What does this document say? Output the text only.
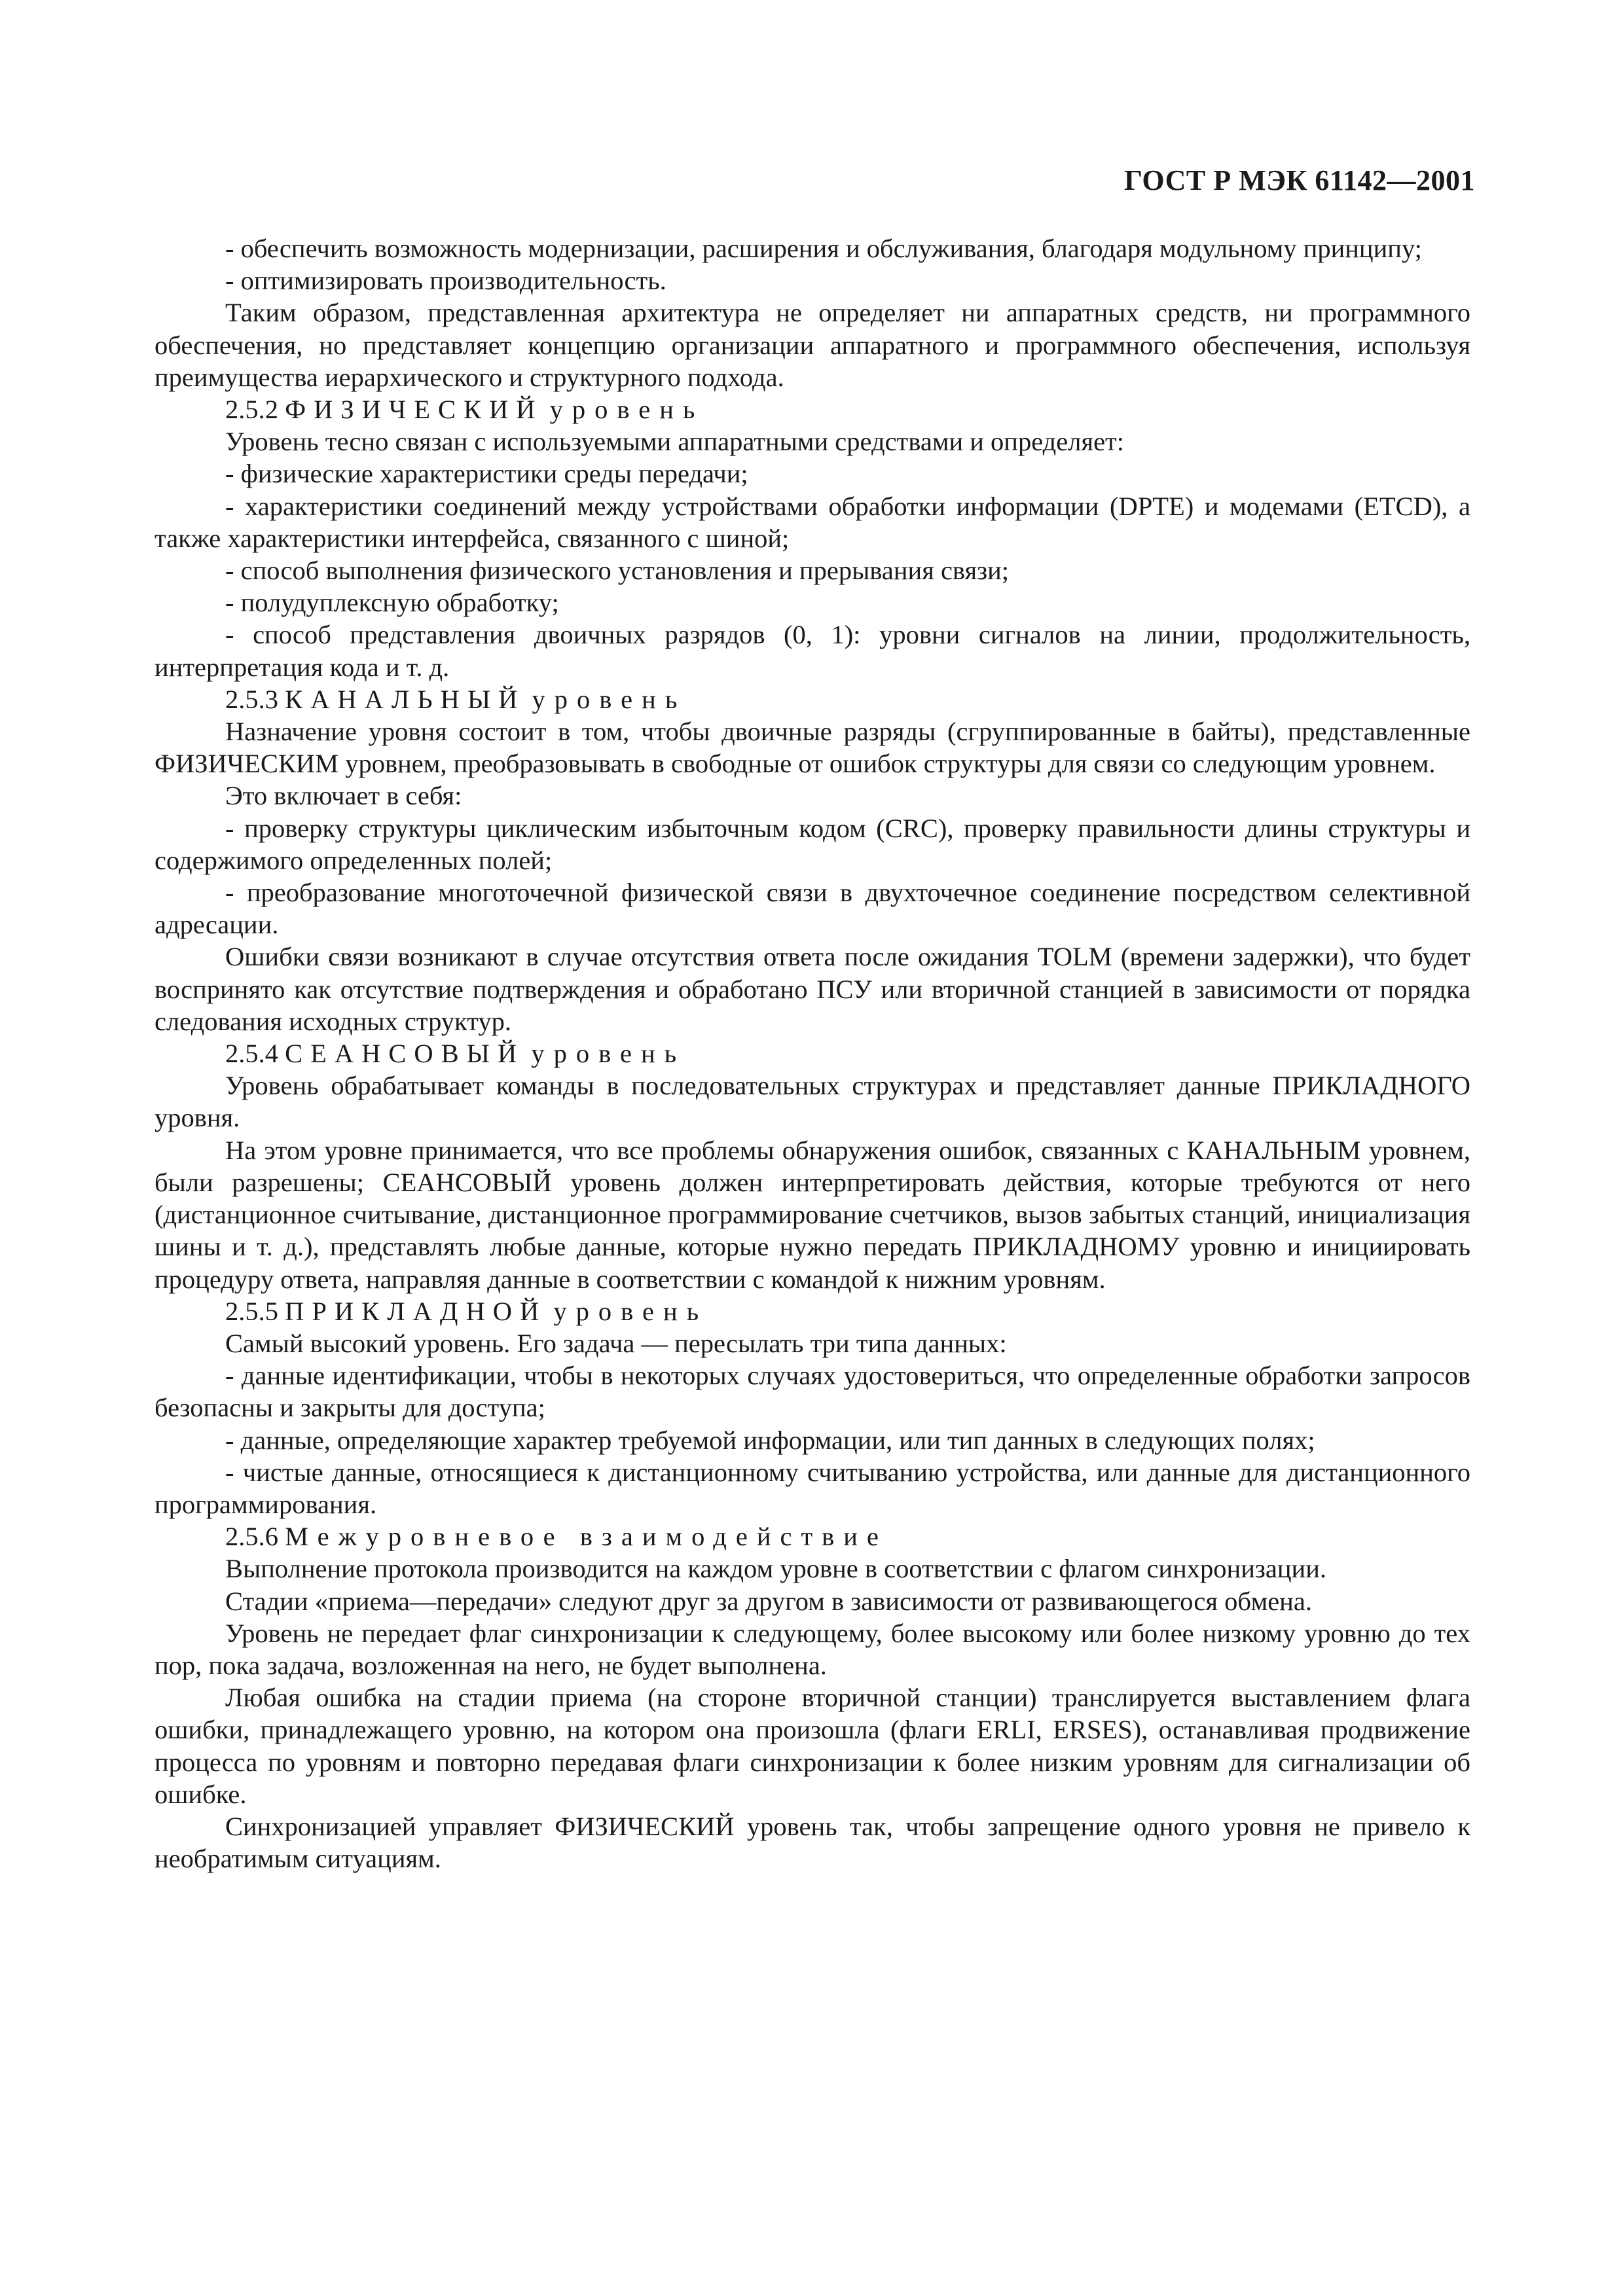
ГОСТ Р МЭК 61142—2001

- обеспечить возможность модернизации, расширения и обслуживания, благодаря модульному принципу;

- оптимизировать производительность.

Таким образом, представленная архитектура не определяет ни аппаратных средств, ни программного обеспечения, но представляет концепцию организации аппаратного и программного обеспечения, используя преимущества иерархического и структурного подхода.

2.5.2 ФИЗИЧЕСКИЙ уровень

Уровень тесно связан с используемыми аппаратными средствами и определяет:

- физические характеристики среды передачи;

- характеристики соединений между устройствами обработки информации (DPTE) и модемами (ETCD), а также характеристики интерфейса, связанного с шиной;

- способ выполнения физического установления и прерывания связи;

- полудуплексную обработку;

- способ представления двоичных разрядов (0, 1): уровни сигналов на линии, продолжительность, интерпретация кода и т. д.

2.5.3 КАНАЛЬНЫЙ уровень

Назначение уровня состоит в том, чтобы двоичные разряды (сгруппированные в байты), представленные ФИЗИЧЕСКИМ уровнем, преобразовывать в свободные от ошибок структуры для связи со следующим уровнем.

Это включает в себя:

- проверку структуры циклическим избыточным кодом (CRC), проверку правильности длины структуры и содержимого определенных полей;

- преобразование многоточечной физической связи в двухточечное соединение посредством селективной адресации.

Ошибки связи возникают в случае отсутствия ответа после ожидания TOLM (времени задержки), что будет воспринято как отсутствие подтверждения и обработано ПСУ или вторичной станцией в зависимости от порядка следования исходных структур.

2.5.4 СЕАНСОВЫЙ уровень

Уровень обрабатывает команды в последовательных структурах и представляет данные ПРИКЛАДНОГО уровня.

На этом уровне принимается, что все проблемы обнаружения ошибок, связанных с КАНАЛЬНЫМ уровнем, были разрешены; СЕАНСОВЫЙ уровень должен интерпретировать действия, которые требуются от него (дистанционное считывание, дистанционное программирование счетчиков, вызов забытых станций, инициализация шины и т. д.), представлять любые данные, которые нужно передать ПРИКЛАДНОМУ уровню и инициировать процедуру ответа, направляя данные в соответствии с командой к нижним уровням.

2.5.5 ПРИКЛАДНОЙ уровень

Самый высокий уровень. Его задача — пересылать три типа данных:

- данные идентификации, чтобы в некоторых случаях удостовериться, что определенные обработки запросов безопасны и закрыты для доступа;

- данные, определяющие характер требуемой информации, или тип данных в следующих полях;

- чистые данные, относящиеся к дистанционному считыванию устройства, или данные для дистанционного программирования.

2.5.6 Межуровневое взаимодействие

Выполнение протокола производится на каждом уровне в соответствии с флагом синхронизации.

Стадии «приема—передачи» следуют друг за другом в зависимости от развивающегося обмена.

Уровень не передает флаг синхронизации к следующему, более высокому или более низкому уровню до тех пор, пока задача, возложенная на него, не будет выполнена.

Любая ошибка на стадии приема (на стороне вторичной станции) транслируется выставлением флага ошибки, принадлежащего уровню, на котором она произошла (флаги ERLI, ERSES), останавливая продвижение процесса по уровням и повторно передавая флаги синхронизации к более низким уровням для сигнализации об ошибке.

Синхронизацией управляет ФИЗИЧЕСКИЙ уровень так, чтобы запрещение одного уровня не привело к необратимым ситуациям.
